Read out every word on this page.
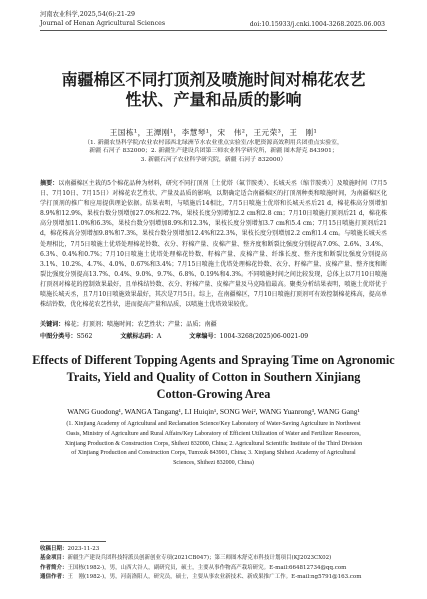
河南农业科学,2025,54(6):21-29
Journal of Henan Agricultural Sciences	doi:10.15933/j.cnki.1004-3268.2025.06.003
南疆棉区不同打顶剂及喷施时间对棉花农艺
性状、产量和品质的影响
王国栋¹，王潭刚¹，李慧琴¹，宋　伟²，王元荣³，王　刚¹
（1. 新疆农垦科学院/农业农村部西北绿洲节水农业重点实验室/水肥资源高效利用兵团重点实验室，
新疆 石河子 832000；2. 新疆生产建设兵团第三师农业科学研究所，新疆 图木舒克 843901；
3. 新疆石河子农业科学研究院，新疆 石河子 832000）
摘要：以南疆棉区主栽的5个棉花品种为材料，研究不同打顶剂［土优塔（氟节胺类）、长城天丞（缩节胺类）］及喷施时间（7月5日、7月10日、7月15日）对棉花农艺性状、产量及品质的影响，以期确定适合南疆棉区的打顶剂种类和喷施时间，为南疆棉区化学打顶剂的推广和应用提供理论依据。结果表明，与喷施后14相比，7月5日喷施土优塔和长城天丞后21 d，棉花株高分别增加8.9%和12.9%，果枝台数分别增加27.0%和22.7%，果枝长度分别增加2.2 cm和2.8 cm；7月10日喷施打顶剂后21 d，棉花株高分别增加11.0%和6.3%，果枝台数分别增加8.9%和12.3%，果枝长度分别增加3.7 cm和5.4 cm；7月15日喷施打顶剂后21 d，棉花株高分别增加9.8%和7.3%，果枝台数分别增加12.4%和22.3%，果枝长度分别增加2.2 cm和1.4 cm。与喷施长城天丞处理相比，7月5日喷施土优塔处理棉花铃数、衣分、籽棉产量、皮棉产量、整齐度和断裂比强度分别提高7.0%、2.6%、3.4%、6.3%、0.4%和0.7%；7月10日喷施土优塔处理棉花铃数、籽棉产量、皮棉产量、纤维长度、整齐度和断裂比强度分别提高3.1%、10.2%、4.7%、4.0%、0.67%和3.4%；7月15日喷施土优塔处理棉花铃数、衣分、籽棉产量、皮棉产量、整齐度和断裂比强度分别提高13.7%、0.4%、9.0%、9.7%、6.8%、0.19%和4.3%。不同喷施时间之间比较发现，总体上以7月10日喷施打顶剂对棉花的控制效果最好，且单株结铃数、衣分、籽棉产量、皮棉产量及马克隆值最高。聚类分析结果表明，喷施土优塔优于喷施长城天丞，且7月10日喷施效果最好，其次是7月5日。综上，在南疆棉区，7月10日喷施打顶剂可有效控制棉花株高，提高单株结铃数，优化棉花农艺性状，进而提高产量和品质，以喷施土优塔效果较优。
关键词：棉花；打顶剂；喷施时间；农艺性状；产量；品质；南疆
中图分类号：S562	文献标志码：A	文章编号：1004-3268(2025)06-0021-09
Effects of Different Topping Agents and Spraying Time on Agronomic
Traits, Yield and Quality of Cotton in Southern Xinjiang
Cotton-Growing Area
WANG Guodong¹, WANGA Tangang¹, LI Huiqin¹, SONG Wei², WANG Yuanrong³, WANG Gang¹
(1. Xinjiang Academy of Agricultural and Reclamation Science/Key Laboratory of Water-Saving Agriculture in Northwest
Oasis, Ministry of Agriculture and Rural Affairs/Key Laboratory of Efficient Utilization of Water and Fertilizer Resources,
Xinjiang Production & Construction Corps, Shihezi 832000, China; 2. Agricultural Scientific Institute of the Third Division
of Xinjiang Production and Construction Corps, Tumxuk 843901, China; 3. Xinjiang Shihezi Academy of Agricultural
Sciences, Shihezi 832000, China)
收稿日期：2023-11-23
基金项目：新疆生产建设兵团科技特派员创新创业专项(2021CB047)；第三师图木舒克市科技计划项目(KJ2023CX02)
作者简介：王国栋(1982-)，男，山西大谷人，副研究员，硕士，主要从事作物高产栽培研究。E-mail:664812734@qq.com
通信作者：王　刚(1982-)，男，河南洛阳人，研究员，硕士，主要从事农业新技术、新成果推广工作。E-mail:ng5791@163.com
